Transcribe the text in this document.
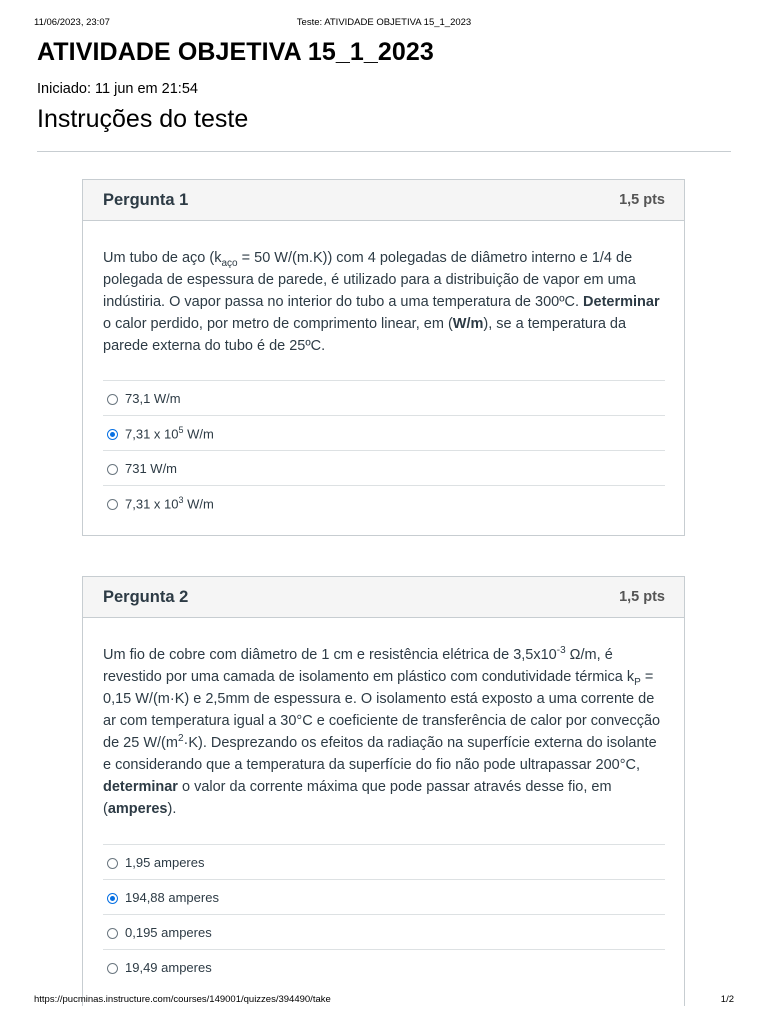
11/06/2023, 23:07	Teste: ATIVIDADE OBJETIVA 15_1_2023
ATIVIDADE OBJETIVA 15_1_2023
Iniciado: 11 jun em 21:54
Instruções do teste
Pergunta 1	1,5 pts
Um tubo de aço ($k_{aço} = 50$ W/(m.K)) com 4 polegadas de diâmetro interno e 1/4 de polegada de espessura de parede, é utilizado para a distribuição de vapor em uma indústiria. O vapor passa no interior do tubo a uma temperatura de 300ºC. Determinar o calor perdido, por metro de comprimento linear, em (W/m), se a temperatura da parede externa do tubo é de 25ºC.
73,1 W/m
7,31 x $10^5$ W/m
731 W/m
7,31 x $10^3$ W/m
Pergunta 2	1,5 pts
Um fio de cobre com diâmetro de 1 cm e resistência elétrica de $3,5x10^{-3}$ Ω/m, é revestido por uma camada de isolamento em plástico com condutividade térmica $k_P = 0,15$ W/(m·K) e 2,5mm de espessura e. O isolamento está exposto a uma corrente de ar com temperatura igual a 30°C e coeficiente de transferência de calor por convecção de 25 $W/(m^2\cdot K)$. Desprezando os efeitos da radiação na superfície externa do isolante e considerando que a temperatura da superfície do fio não pode ultrapassar 200°C, determinar o valor da corrente máxima que pode passar através desse fio, em (amperes).
1,95 amperes
194,88 amperes
0,195 amperes
19,49 amperes
https://pucminas.instructure.com/courses/149001/quizzes/394490/take	1/2
